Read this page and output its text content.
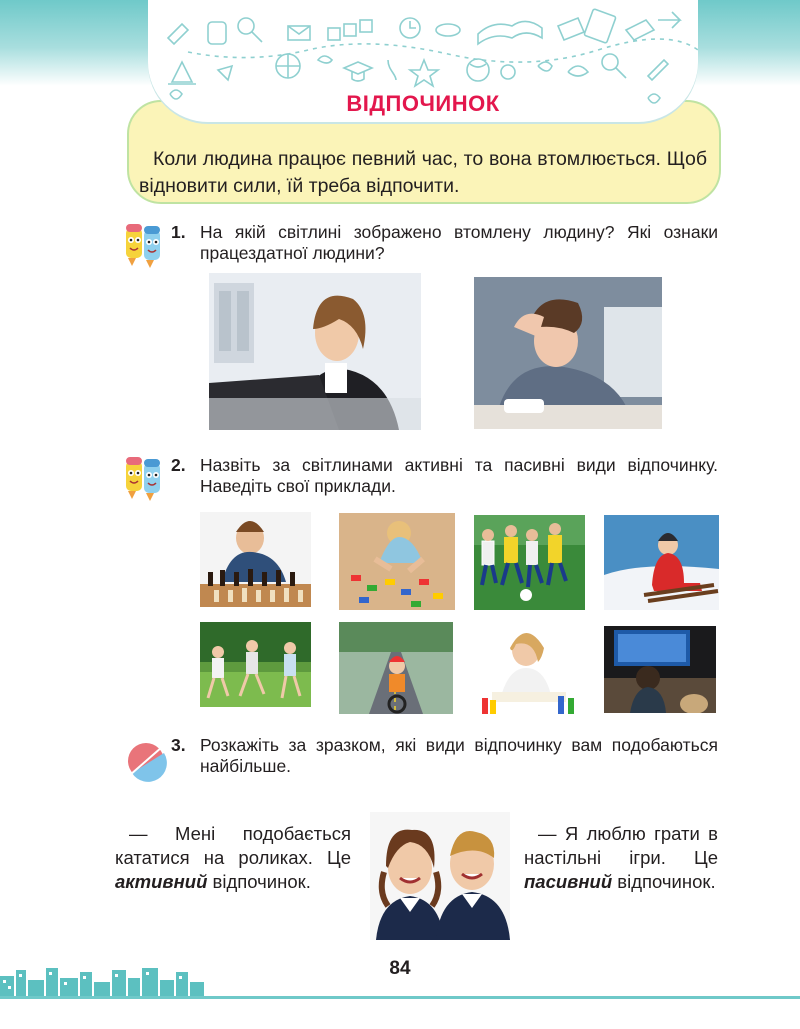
ВІДПОЧИНОК
Коли людина працює певний час, то вона втомлюється. Щоб відновити сили, їй треба відпочити.
1. На якій світлині зображено втомлену людину? Які ознаки працездатної людини?
2. Назвіть за світлинами активні та пасивні види відпочинку. Наведіть свої приклади.
3. Розкажіть за зразком, які види відпочинку вам подобаються найбільше.
— Мені подобається кататися на роликах. Це активний відпочинок.
— Я люблю грати в настільні ігри. Це пасивний відпочинок.
84
